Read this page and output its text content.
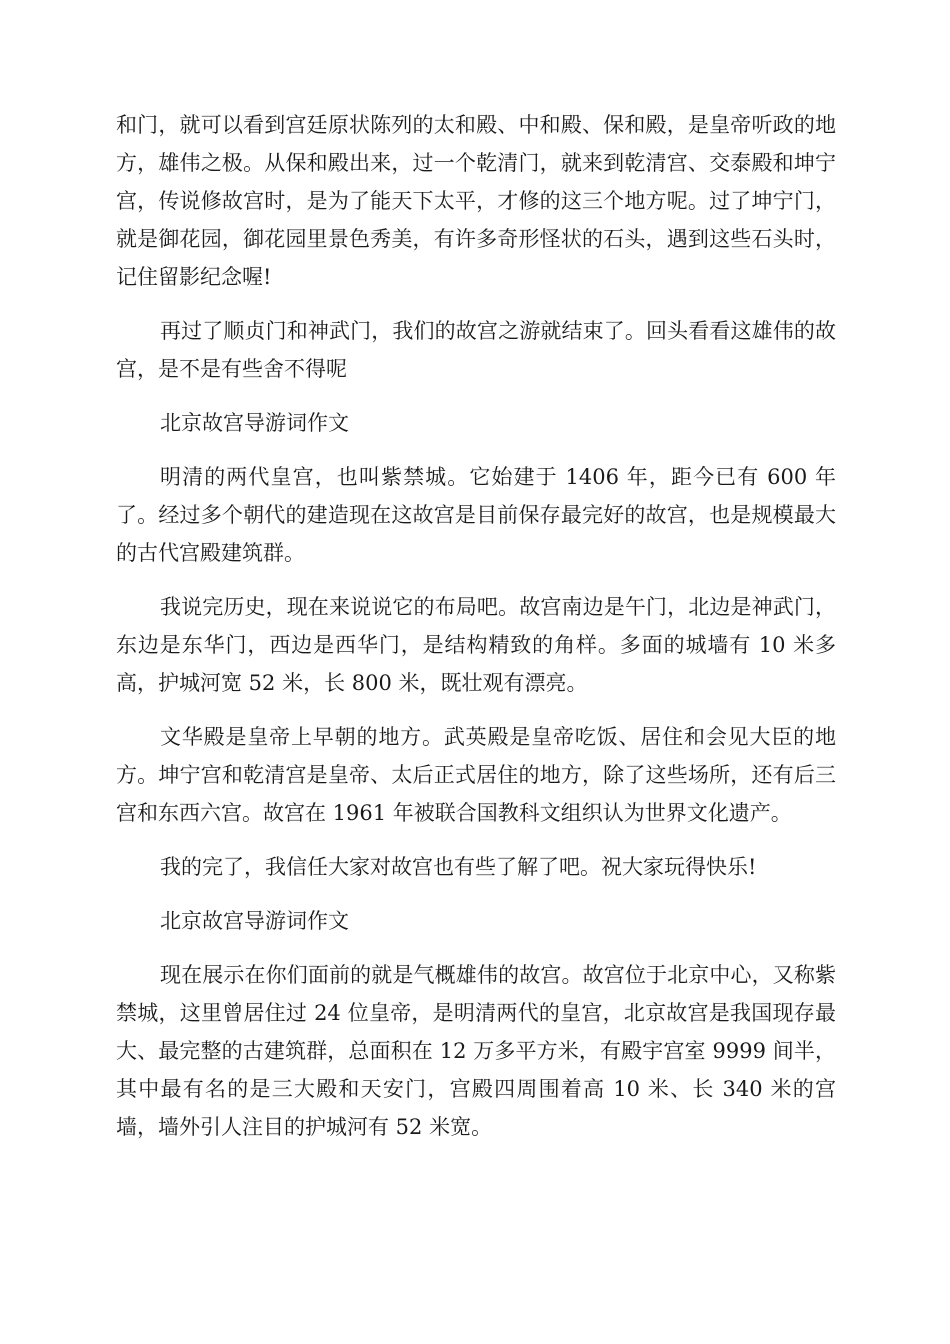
和门，就可以看到宫廷原状陈列的太和殿、中和殿、保和殿，是皇帝听政的地方，雄伟之极。从保和殿出来，过一个乾清门，就来到乾清宫、交泰殿和坤宁宫，传说修故宫时，是为了能天下太平，才修的这三个地方呢。过了坤宁门，就是御花园，御花园里景色秀美，有许多奇形怪状的石头，遇到这些石头时，记住留影纪念喔!

再过了顺贞门和神武门，我们的故宫之游就结束了。回头看看这雄伟的故宫，是不是有些舍不得呢

北京故宫导游词作文

明清的两代皇宫，也叫紫禁城。它始建于 1406 年，距今已有 600 年了。经过多个朝代的建造现在这故宫是目前保存最完好的故宫，也是规模最大的古代宫殿建筑群。

我说完历史，现在来说说它的布局吧。故宫南边是午门，北边是神武门，东边是东华门，西边是西华门，是结构精致的角样。多面的城墙有 10 米多高，护城河宽 52 米，长 800 米，既壮观有漂亮。

文华殿是皇帝上早朝的地方。武英殿是皇帝吃饭、居住和会见大臣的地方。坤宁宫和乾清宫是皇帝、太后正式居住的地方，除了这些场所，还有后三宫和东西六宫。故宫在 1961 年被联合国教科文组织认为世界文化遗产。

我的完了，我信任大家对故宫也有些了解了吧。祝大家玩得快乐!

北京故宫导游词作文

现在展示在你们面前的就是气概雄伟的故宫。故宫位于北京中心，又称紫禁城，这里曾居住过 24 位皇帝，是明清两代的皇宫，北京故宫是我国现存最大、最完整的古建筑群，总面积在 12 万多平方米，有殿宇宫室 9999 间半，其中最有名的是三大殿和天安门，宫殿四周围着高 10 米、长 340 米的宫墙，墙外引人注目的护城河有 52 米宽。
